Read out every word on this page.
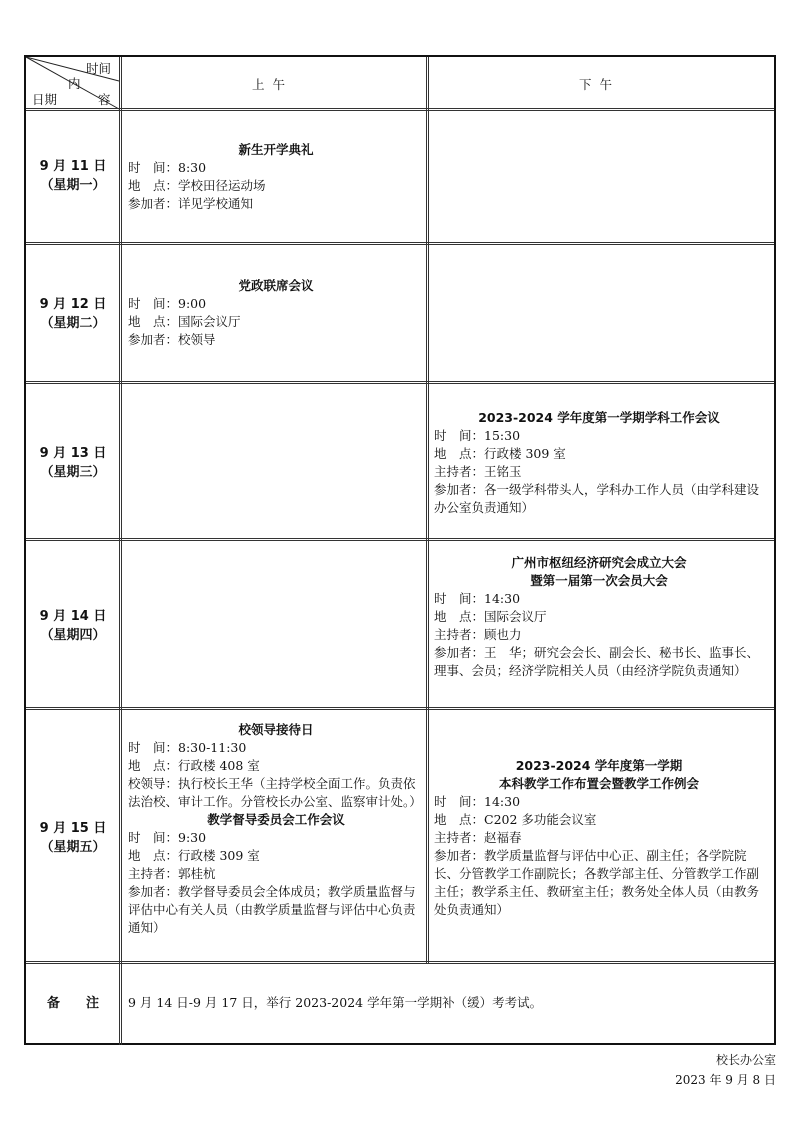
时间
内
容
日期
上  午	下  午
9 月 11 日
（星期一）
新生开学典礼
时　间：8:30
地　点：学校田径运动场
参加者：详见学校通知
9 月 12 日
（星期二）
党政联席会议
时　间：9:00
地　点：国际会议厅
参加者：校领导
9 月 13 日
（星期三）
2023-2024 学年度第一学期学科工作会议
时　间：15:30
地　点：行政楼 309 室
主持者：王铭玉
参加者：各一级学科带头人，学科办工作人员（由学科建设办公室负责通知）
9 月 14 日
（星期四）
广州市枢纽经济研究会成立大会
暨第一届第一次会员大会
时　间：14:30
地　点：国际会议厅
主持者：顾也力
参加者：王　华；研究会会长、副会长、秘书长、监事长、理事、会员；经济学院相关人员（由经济学院负责通知）
9 月 15 日
（星期五）
校领导接待日
时　间：8:30-11:30
地　点：行政楼 408 室
校领导：执行校长王华（主持学校全面工作。负责依法治校、审计工作。分管校长办公室、监察审计处。）
教学督导委员会工作会议
时　间：9:30
地　点：行政楼 309 室
主持者：郭桂杭
参加者：教学督导委员会全体成员；教学质量监督与评估中心有关人员（由教学质量监督与评估中心负责通知）
2023-2024 学年度第一学期
本科教学工作布置会暨教学工作例会
时　间：14:30
地　点：C202 多功能会议室
主持者：赵福春
参加者：教学质量监督与评估中心正、副主任；各学院院长、分管教学工作副院长；各教学部主任、分管教学工作副主任；教学系主任、教研室主任；教务处全体人员（由教务处负责通知）
备　　注	9 月 14 日-9 月 17 日，举行 2023-2024 学年第一学期补（缓）考考试。
校长办公室
2023 年 9 月 8 日
